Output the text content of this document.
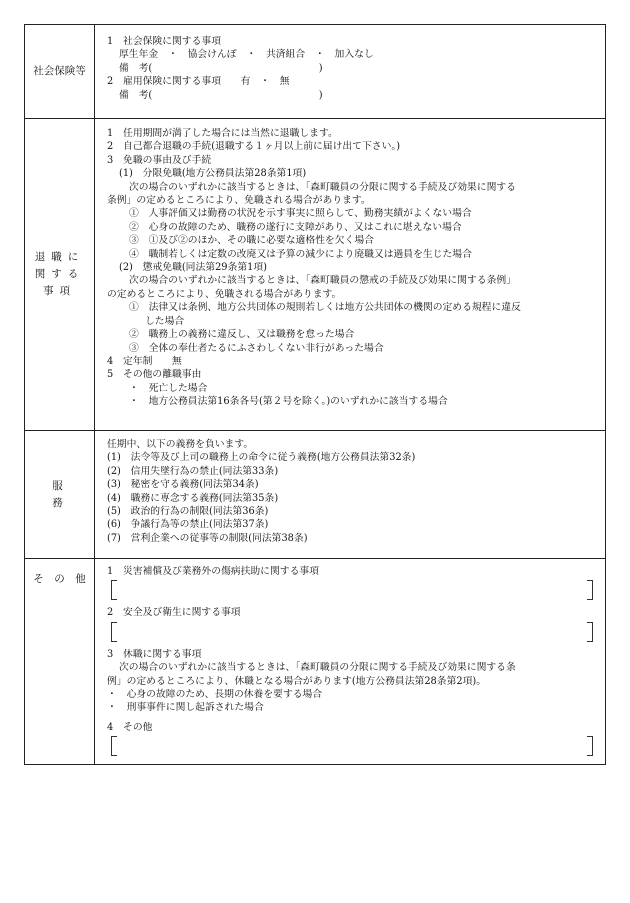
社会保険等
1　社会保険に関する事項
厚生年金　・　協会けんぽ　・　共済組合　・　加入なし
備　考(　　　　　　　　　　　　　　　　　)
2　雇用保険に関する事項　　有　・　無
備　考(　　　　　　　　　　　　　　　　　)
退職に関する事項
1　任用期間が満了した場合には当然に退職します。
2　自己都合退職の手続(退職する１ヶ月以上前に届け出て下さい。)
3　免職の事由及び手続
(1)　分限免職(地方公務員法第28条第1項)
次の場合のいずれかに該当するときは、「森町職員の分限に関する手続及び効果に関する
条例」の定めるところにより、免職される場合があります。
①　人事評価又は勤務の状況を示す事実に照らして、勤務実績がよくない場合
②　心身の故障のため、職務の遂行に支障があり、又はこれに堪えない場合
③　①及び②のほか、その職に必要な適格性を欠く場合
④　職制若しくは定数の改廃又は予算の減少により廃職又は過員を生じた場合
(2)　懲戒免職(同法第29条第1項)
次の場合のいずれかに該当するときは、「森町職員の懲戒の手続及び効果に関する条例」
の定めるところにより、免職される場合があります。
①　法律又は条例、地方公共団体の規則若しくは地方公共団体の機関の定める規程に違反
した場合
②　職務上の義務に違反し、又は職務を怠った場合
③　全体の奉仕者たるにふさわしくない非行があった場合
4　定年制　　無
5　その他の離職事由
・　死亡した場合
・　地方公務員法第16条各号(第２号を除く。)のいずれかに該当する場合
服　　務
任期中、以下の義務を負います。
(1)　法令等及び上司の職務上の命令に従う義務(地方公務員法第32条)
(2)　信用失墜行為の禁止(同法第33条)
(3)　秘密を守る義務(同法第34条)
(4)　職務に専念する義務(同法第35条)
(5)　政治的行為の制限(同法第36条)
(6)　争議行為等の禁止(同法第37条)
(7)　営利企業への従事等の制限(同法第38条)
そ　の　他
1　災害補償及び業務外の傷病扶助に関する事項
2　安全及び衛生に関する事項
3　休職に関する事項
次の場合のいずれかに該当するときは、「森町職員の分限に関する手続及び効果に関する条
例」の定めるところにより、休職となる場合があります(地方公務員法第28条第2項)。
・　心身の故障のため、長期の休養を要する場合
・　刑事事件に関し起訴された場合
4　その他
